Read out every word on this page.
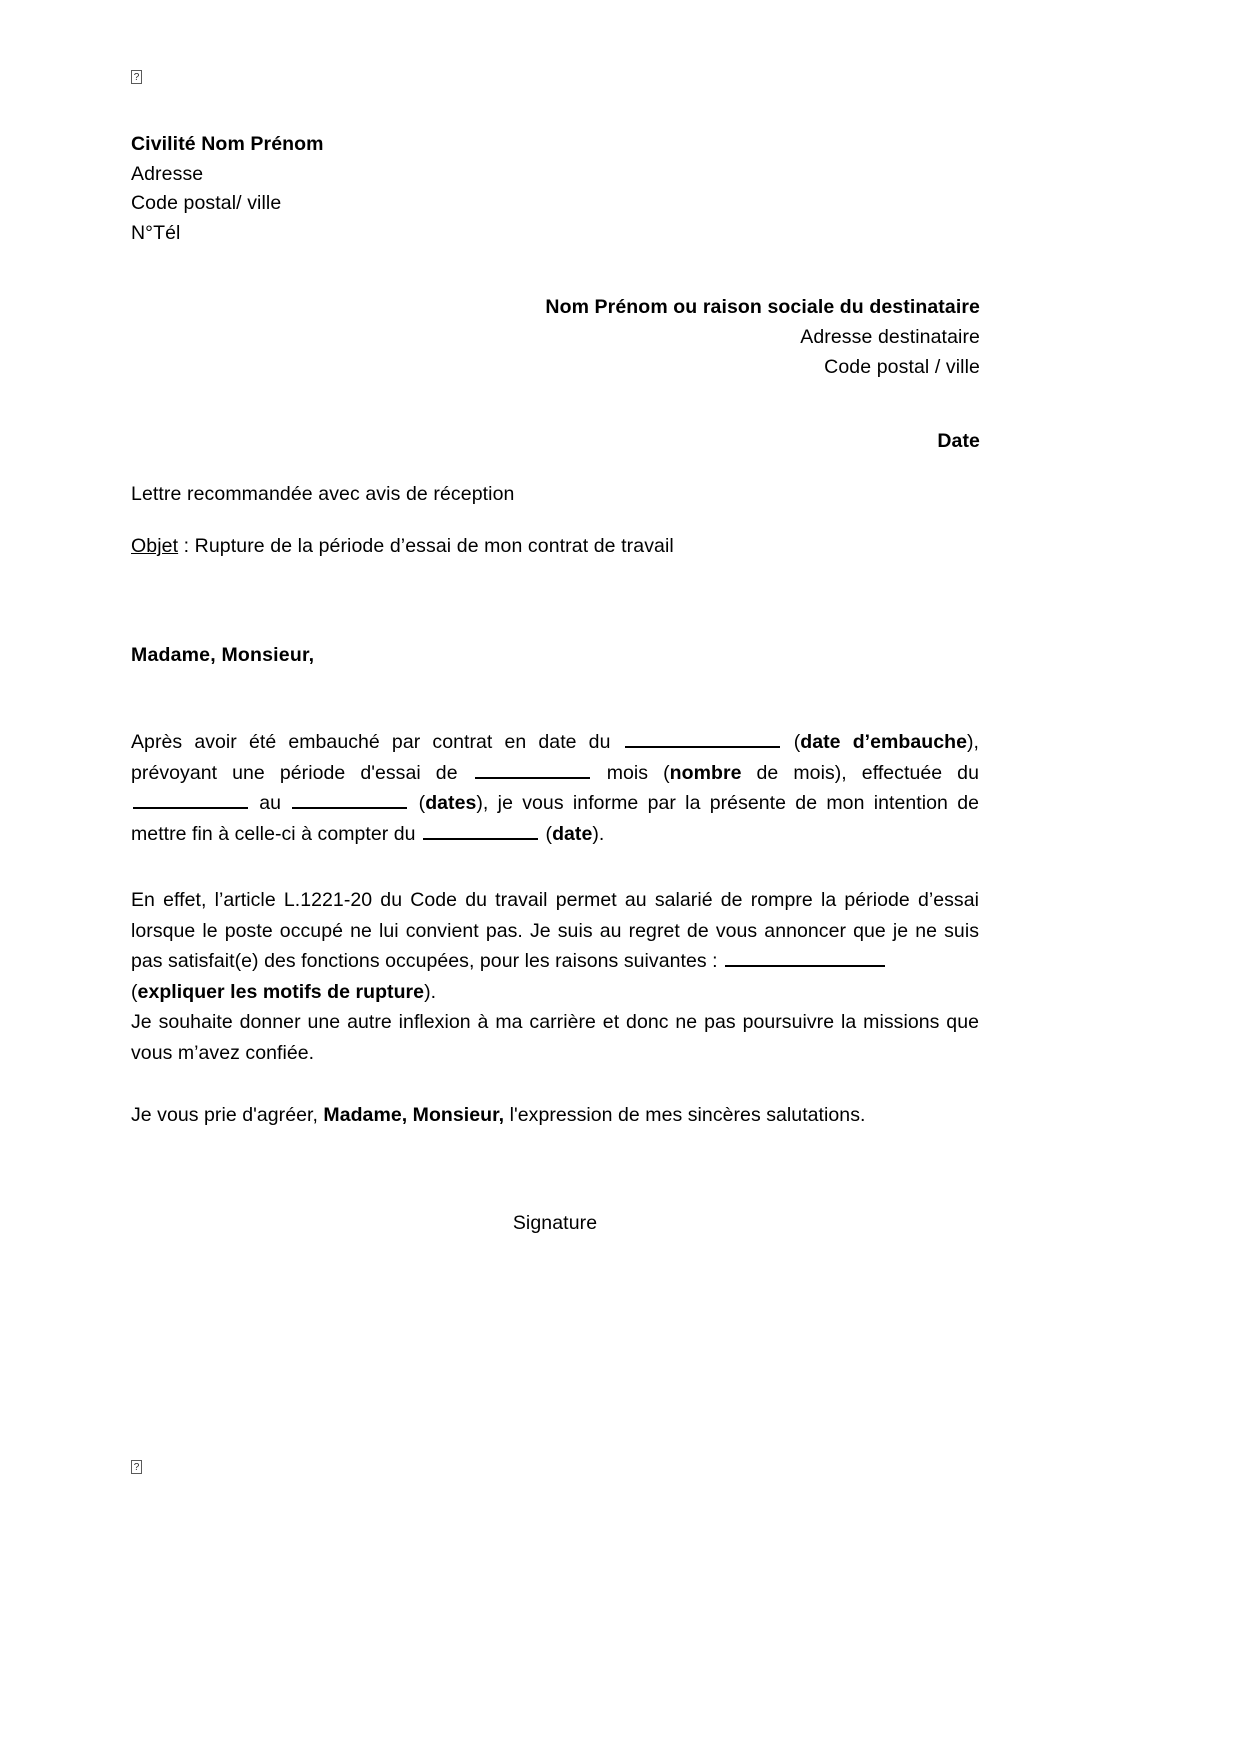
?
Civilité Nom Prénom
Adresse
Code postal/ ville
N°Tél
Nom Prénom ou raison sociale du destinataire
Adresse destinataire
Code postal / ville
Date
Lettre recommandée avec avis de réception
Objet : Rupture de la période d’essai de mon contrat de travail
Madame, Monsieur,
Après avoir été embauché par contrat en date du	(date d’embauche), prévoyant une période d'essai de	mois (nombre de mois), effectuée du  au	(dates), je vous informe par la présente de mon intention de mettre fin à celle-ci à compter du	(date).
En effet, l’article L.1221-20 du Code du travail permet au salarié de rompre la période d’essai lorsque le poste occupé ne lui convient pas. Je suis au regret de vous annoncer que je ne suis pas satisfait(e) des fonctions occupées, pour les raisons suivantes :
(expliquer les motifs de rupture).
Je souhaite donner une autre inflexion à ma carrière et donc ne pas poursuivre la missions que vous m’avez confiée.
Je vous prie d'agréer, Madame, Monsieur, l'expression de mes sincères salutations.
Signature
?
